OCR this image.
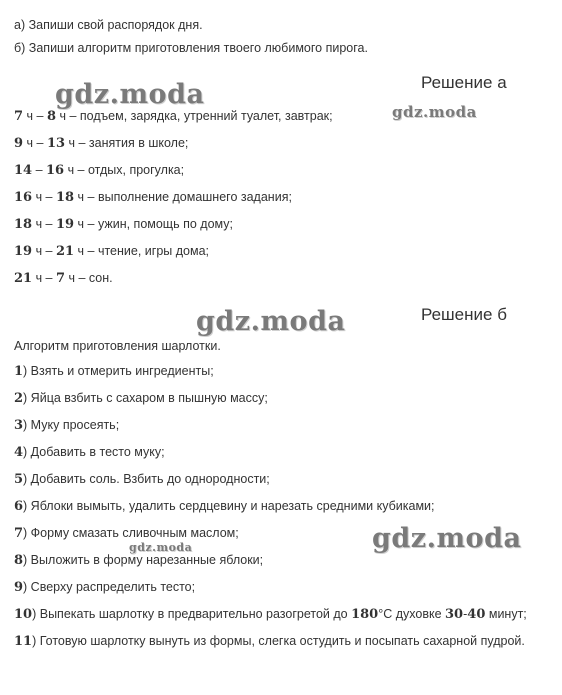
а) Запиши свой распорядок дня.
б) Запиши алгоритм приготовления твоего любимого пирога.
gdz.moda
gdz.moda
gdz.moda
gdz.moda
gdz.moda
Решение а
7 ч – 8 ч – подъем, зарядка, утренний туалет, завтрак;
9 ч – 13 ч – занятия в школе;
14 – 16 ч – отдых, прогулка;
16 ч – 18 ч – выполнение домашнего задания;
18 ч – 19 ч – ужин, помощь по дому;
19 ч – 21 ч – чтение, игры дома;
21 ч – 7 ч – сон.
Решение б
Алгоритм приготовления шарлотки.
1) Взять и отмерить ингредиенты;
2) Яйца взбить с сахаром в пышную массу;
3) Муку просеять;
4) Добавить в тесто муку;
5) Добавить соль. Взбить до однородности;
6) Яблоки вымыть, удалить сердцевину и нарезать средними кубиками;
7) Форму смазать сливочным маслом;
8) Выложить в форму нарезанные яблоки;
9) Сверху распределить тесто;
10) Выпекать шарлотку в предварительно разогретой до 180°С духовке 30-40 минут;
11) Готовую шарлотку вынуть из формы, слегка остудить и посыпать сахарной пудрой.
